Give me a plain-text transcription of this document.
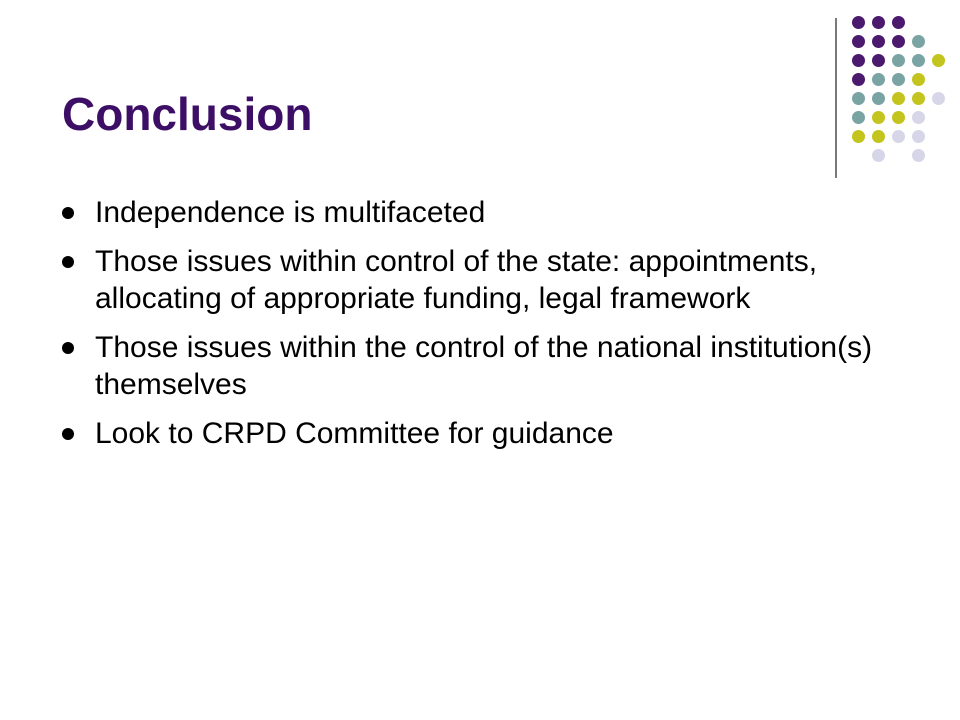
Conclusion
Independence is multifaceted
Those issues within control of the state: appointments, allocating of appropriate funding, legal framework
Those issues within the control of the national institution(s) themselves
Look to CRPD Committee for guidance
